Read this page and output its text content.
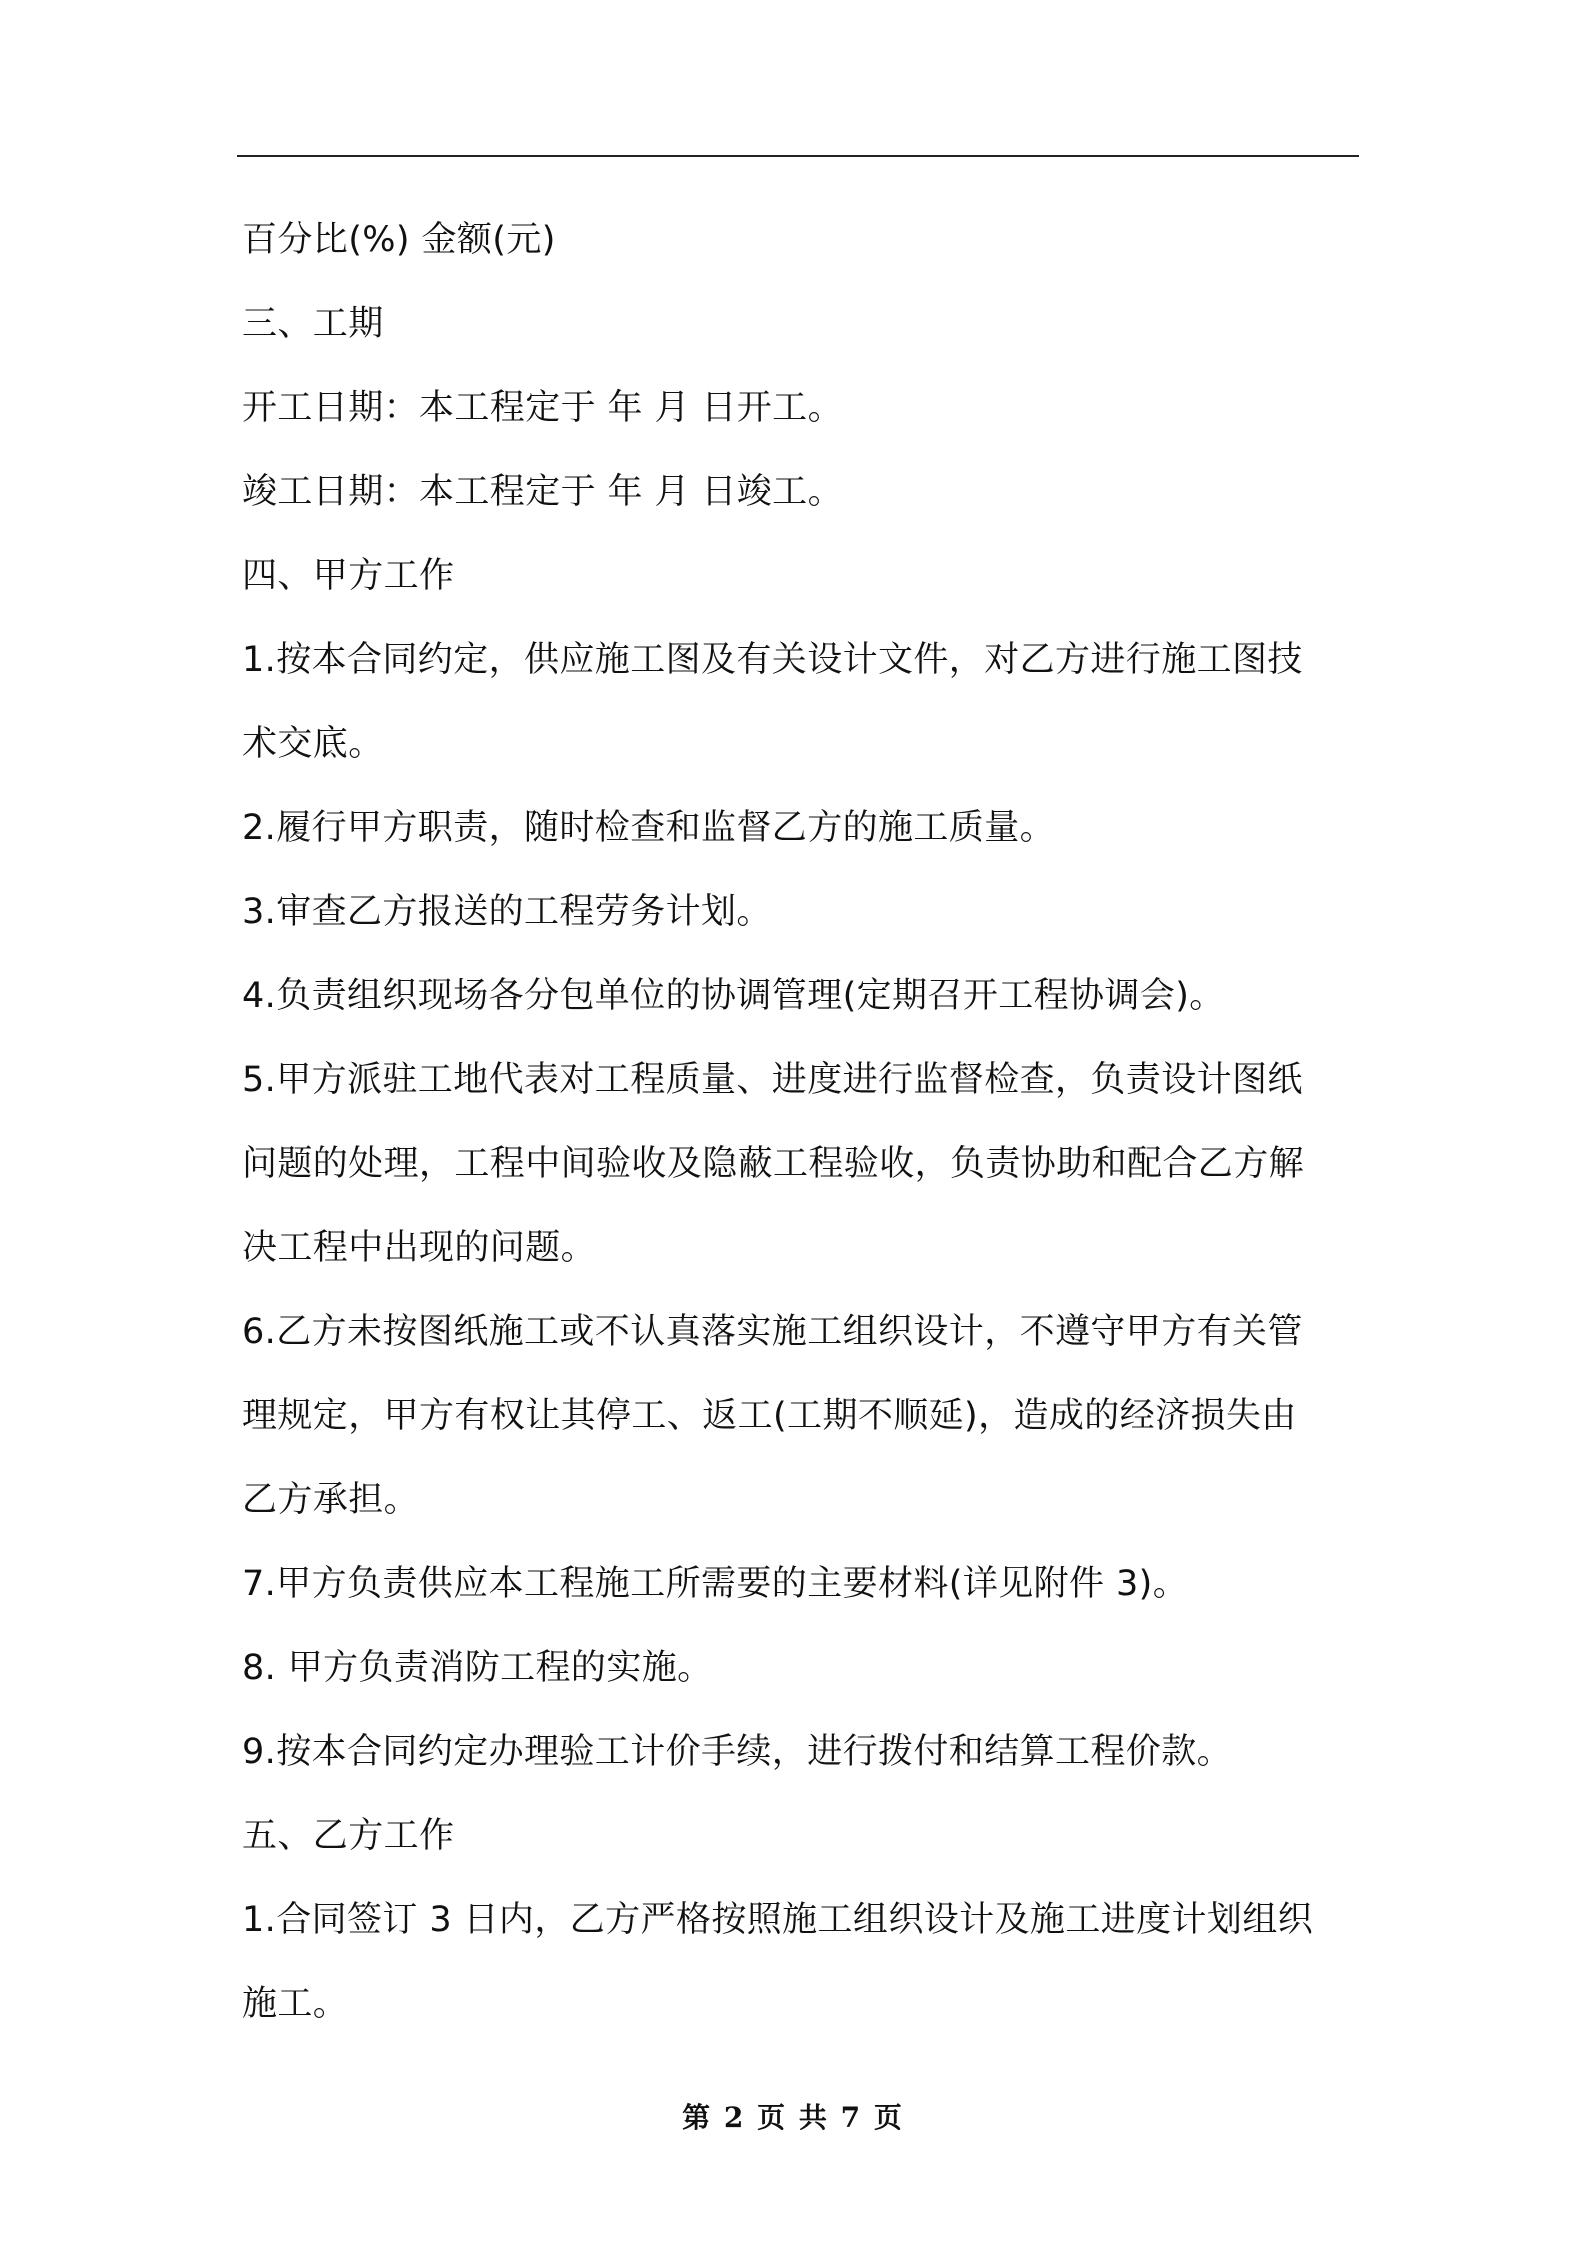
百分比(%) 金额(元)
三、工期
开工日期：本工程定于 年 月 日开工。
竣工日期：本工程定于 年 月 日竣工。
四、甲方工作
1.按本合同约定，供应施工图及有关设计文件，对乙方进行施工图技
术交底。
2.履行甲方职责，随时检查和监督乙方的施工质量。
3.审查乙方报送的工程劳务计划。
4.负责组织现场各分包单位的协调管理(定期召开工程协调会)。
5.甲方派驻工地代表对工程质量、进度进行监督检查，负责设计图纸
问题的处理，工程中间验收及隐蔽工程验收，负责协助和配合乙方解
决工程中出现的问题。
6.乙方未按图纸施工或不认真落实施工组织设计，不遵守甲方有关管
理规定，甲方有权让其停工、返工(工期不顺延)，造成的经济损失由
乙方承担。
7.甲方负责供应本工程施工所需要的主要材料(详见附件 3)。
8. 甲方负责消防工程的实施。
9.按本合同约定办理验工计价手续，进行拨付和结算工程价款。
五、乙方工作
1.合同签订 3 日内，乙方严格按照施工组织设计及施工进度计划组织
施工。
第 2 页 共 7 页
